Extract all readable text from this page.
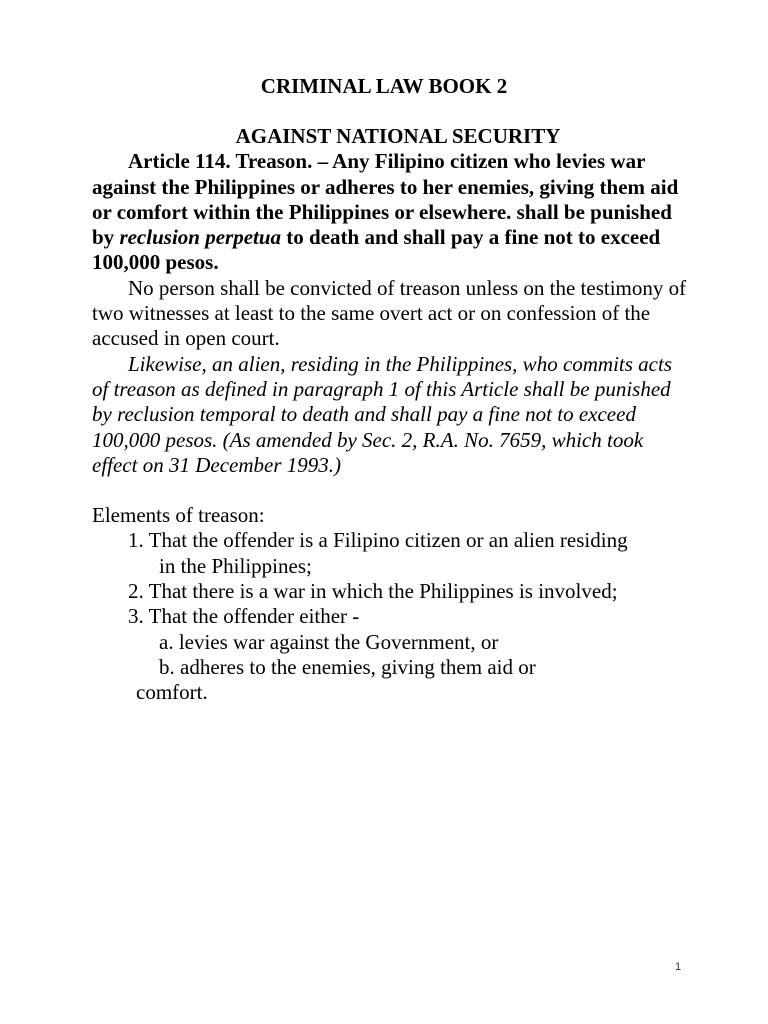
CRIMINAL LAW BOOK 2

AGAINST NATIONAL SECURITY

Article 114. Treason. – Any Filipino citizen who levies war against the Philippines or adheres to her enemies, giving them aid or comfort within the Philippines or elsewhere. shall be punished by reclusion perpetua to death and shall pay a fine not to exceed 100,000 pesos.

No person shall be convicted of treason unless on the testimony of two witnesses at least to the same overt act or on confession of the accused in open court.

Likewise, an alien, residing in the Philippines, who commits acts of treason as defined in paragraph 1 of this Article shall be punished by reclusion temporal to death and shall pay a fine not to exceed 100,000 pesos. (As amended by Sec. 2, R.A. No. 7659, which took effect on 31 December 1993.)

Elements of treason:

1. That the offender is a Filipino citizen or an alien residing

in the Philippines;

2. That there is a war in which the Philippines is involved;

3. That the offender either -

a. levies war against the Government, or

b. adheres to the enemies, giving them aid or

comfort.

1
